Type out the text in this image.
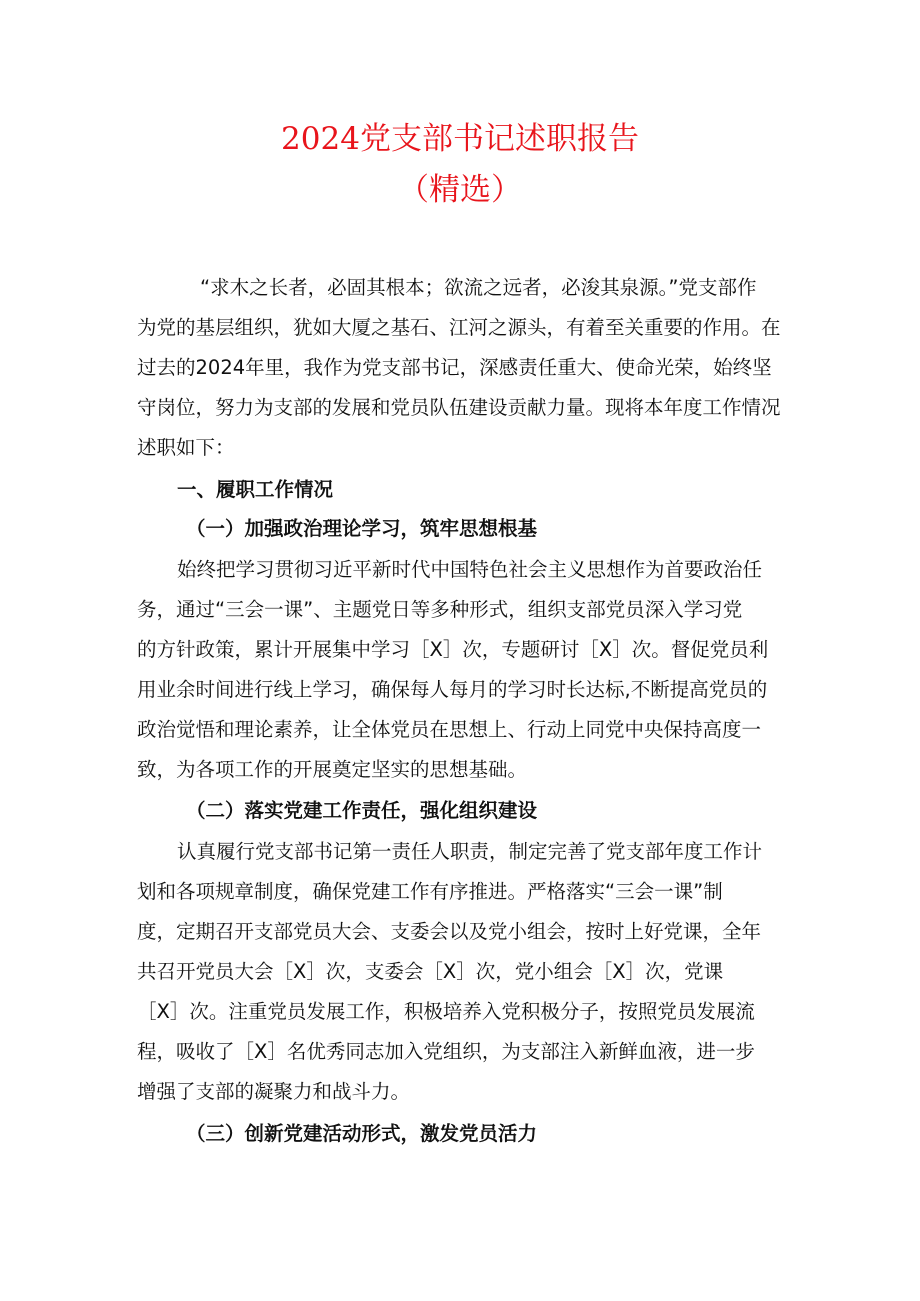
2024党支部书记述职报告
（精选）

“求木之长者，必固其根本；欲流之远者，必浚其泉源。”党支部作

为党的基层组织，犹如大厦之基石、江河之源头，有着至关重要的作用。在

过去的2024年里，我作为党支部书记，深感责任重大、使命光荣，始终坚

守岗位，努力为支部的发展和党员队伍建设贡献力量。现将本年度工作情况

述职如下：

一、履职工作情况

（一）加强政治理论学习，筑牢思想根基

始终把学习贯彻习近平新时代中国特色社会主义思想作为首要政治任

务，通过“三会一课”、主题党日等多种形式，组织支部党员深入学习党

的方针政策，累计开展集中学习［X］次，专题研讨［X］次。督促党员利

用业余时间进行线上学习，确保每人每月的学习时长达标,不断提高党员的

政治觉悟和理论素养，让全体党员在思想上、行动上同党中央保持高度一

致，为各项工作的开展奠定坚实的思想基础。

（二）落实党建工作责任，强化组织建设

认真履行党支部书记第一责任人职责，制定完善了党支部年度工作计

划和各项规章制度，确保党建工作有序推进。严格落实“三会一课”制

度，定期召开支部党员大会、支委会以及党小组会，按时上好党课，全年

共召开党员大会［X］次，支委会［X］次，党小组会［X］次，党课

［X］次。注重党员发展工作，积极培养入党积极分子，按照党员发展流

程，吸收了［X］名优秀同志加入党组织，为支部注入新鲜血液，进一步

增强了支部的凝聚力和战斗力。

（三）创新党建活动形式，激发党员活力
